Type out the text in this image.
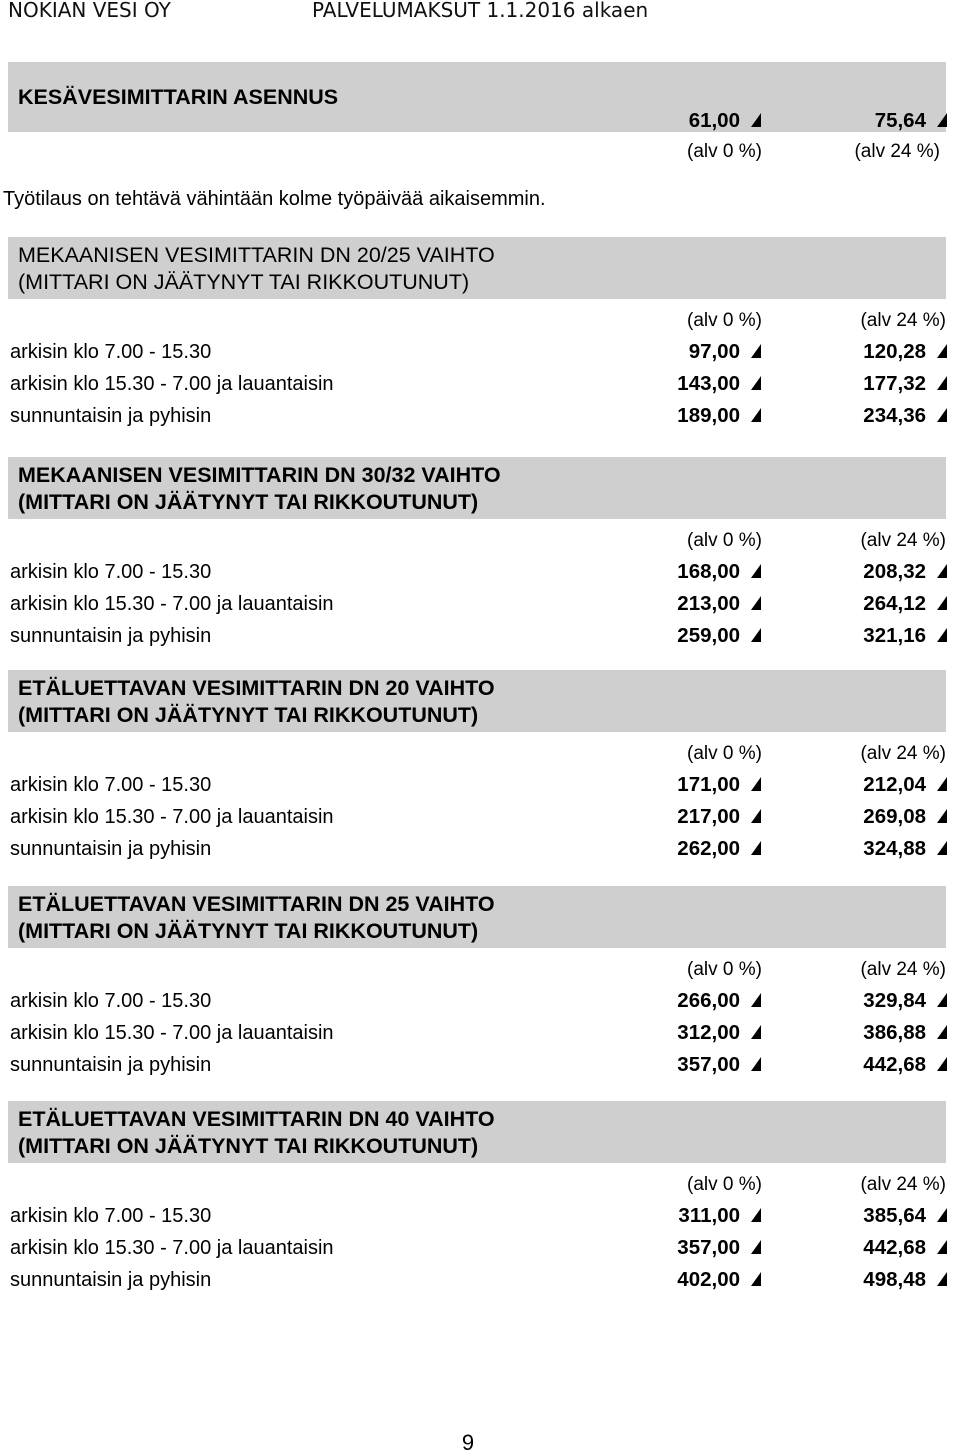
NOKIAN VESI OY	PALVELUMAKSUT 1.1.2016 alkaen
KESÄVESIMITTARIN ASENNUS
61,00	75,64
(alv 0 %)	(alv 24 %)
Työtilaus on tehtävä vähintään kolme työpäivää aikaisemmin.
MEKAANISEN VESIMITTARIN DN 20/25 VAIHTO
(MITTARI ON JÄÄTYNYT TAI RIKKOUTUNUT)
(alv 0 %)	(alv 24 %)
arkisin klo 7.00 - 15.30	97,00	120,28
arkisin klo 15.30 - 7.00 ja lauantaisin	143,00	177,32
sunnuntaisin ja pyhisin	189,00	234,36
MEKAANISEN VESIMITTARIN DN 30/32 VAIHTO
(MITTARI ON JÄÄTYNYT TAI RIKKOUTUNUT)
(alv 0 %)	(alv 24 %)
arkisin klo 7.00 - 15.30	168,00	208,32
arkisin klo 15.30 - 7.00 ja lauantaisin	213,00	264,12
sunnuntaisin ja pyhisin	259,00	321,16
ETÄLUETTAVAN VESIMITTARIN DN 20 VAIHTO
(MITTARI ON JÄÄTYNYT TAI RIKKOUTUNUT)
(alv 0 %)	(alv 24 %)
arkisin klo 7.00 - 15.30	171,00	212,04
arkisin klo 15.30 - 7.00 ja lauantaisin	217,00	269,08
sunnuntaisin ja pyhisin	262,00	324,88
ETÄLUETTAVAN VESIMITTARIN DN 25 VAIHTO
(MITTARI ON JÄÄTYNYT TAI RIKKOUTUNUT)
(alv 0 %)	(alv 24 %)
arkisin klo 7.00 - 15.30	266,00	329,84
arkisin klo 15.30 - 7.00 ja lauantaisin	312,00	386,88
sunnuntaisin ja pyhisin	357,00	442,68
ETÄLUETTAVAN VESIMITTARIN DN 40 VAIHTO
(MITTARI ON JÄÄTYNYT TAI RIKKOUTUNUT)
(alv 0 %)	(alv 24 %)
arkisin klo 7.00 - 15.30	311,00	385,64
arkisin klo 15.30 - 7.00 ja lauantaisin	357,00	442,68
sunnuntaisin ja pyhisin	402,00	498,48
9
